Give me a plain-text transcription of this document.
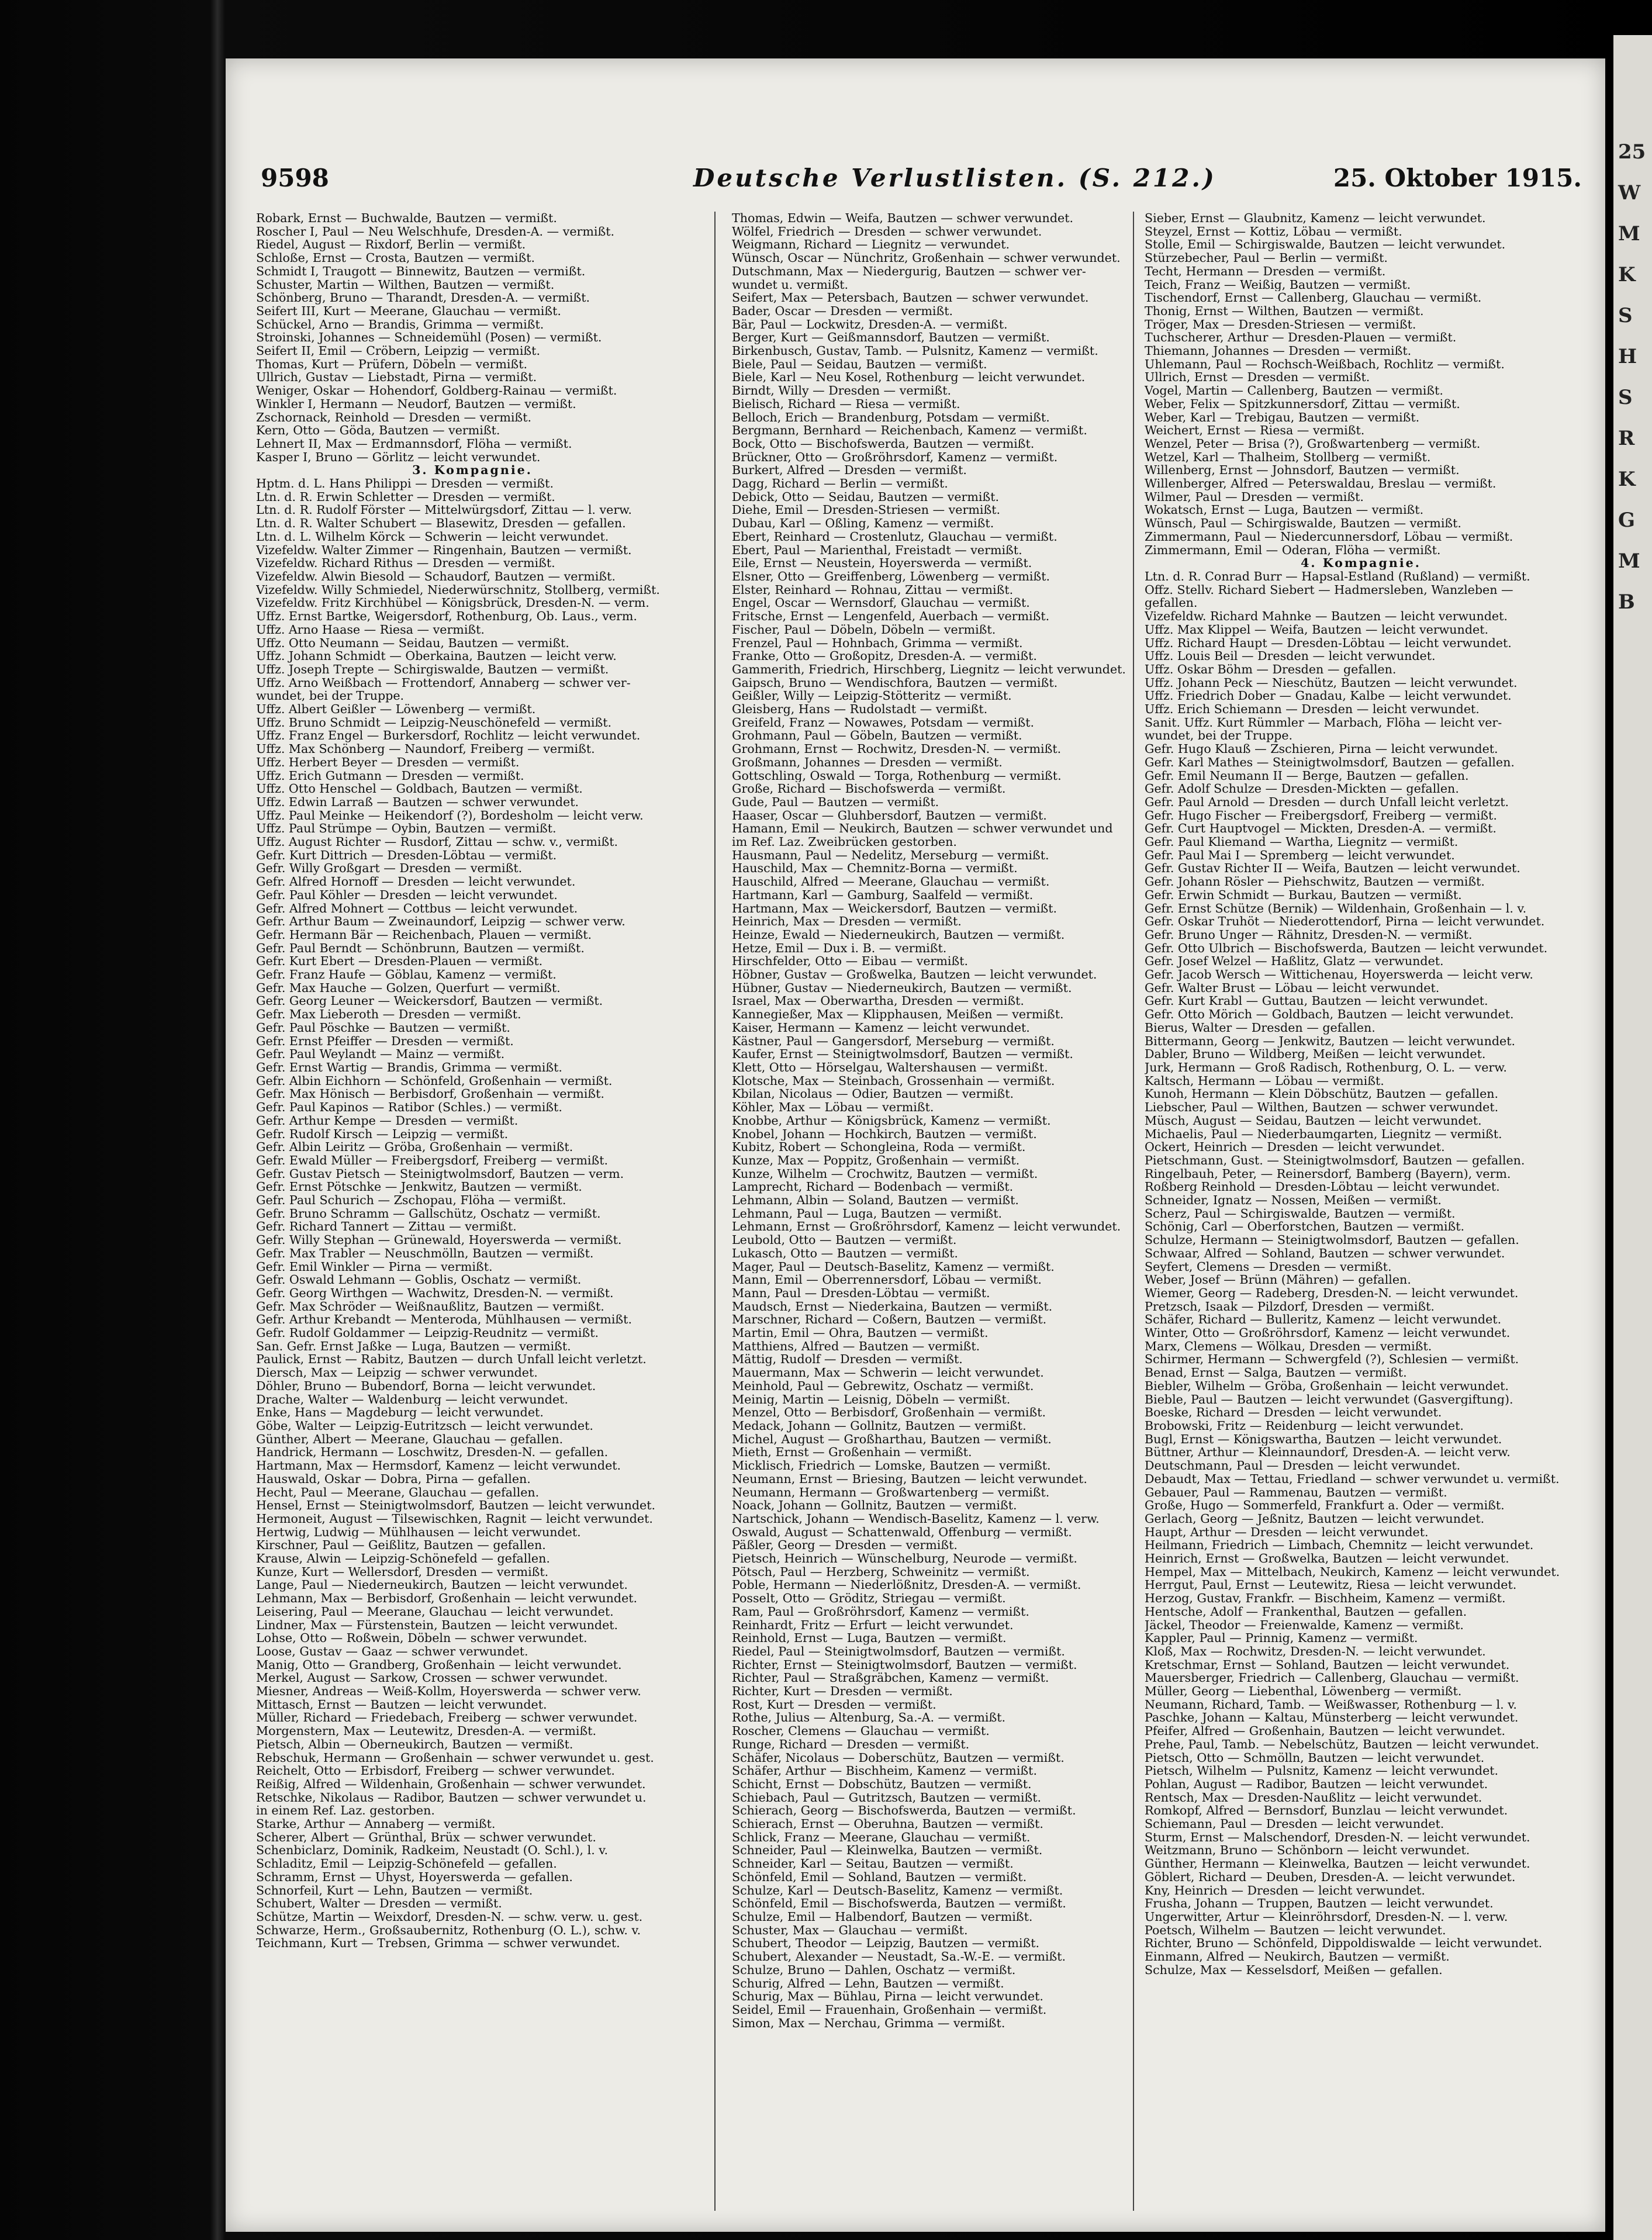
9598	Deutsche Verlustlisten. (S. 212.)	25. Oktober 1915.
Robark, Ernst — Buchwalde, Bautzen — vermißt.
Roscher I, Paul — Neu Welschhufe, Dresden-A. — vermißt.
Riedel, August — Rixdorf, Berlin — vermißt.
Schloße, Ernst — Crosta, Bautzen — vermißt.
Schmidt I, Traugott — Binnewitz, Bautzen — vermißt.
Schuster, Martin — Wilthen, Bautzen — vermißt.
Schönberg, Bruno — Tharandt, Dresden-A. — vermißt.
Seifert III, Kurt — Meerane, Glauchau — vermißt.
Schückel, Arno — Brandis, Grimma — vermißt.
Stroinski, Johannes — Schneidemühl (Posen) — vermißt.
Seifert II, Emil — Cröbern, Leipzig — vermißt.
Thomas, Kurt — Prüfern, Döbeln — vermißt.
Ullrich, Gustav — Liebstadt, Pirna — vermißt.
Weniger, Oskar — Hohendorf, Goldberg-Rainau — vermißt.
Winkler I, Hermann — Neudorf, Bautzen — vermißt.
Zschornack, Reinhold — Dresden — vermißt.
Kern, Otto — Göda, Bautzen — vermißt.
Lehnert II, Max — Erdmannsdorf, Flöha — vermißt.
Kasper I, Bruno — Görlitz — leicht verwundet.
3. Kompagnie.
Hptm. d. L. Hans Philippi — Dresden — vermißt.
Ltn. d. R. Erwin Schletter — Dresden — vermißt.
Ltn. d. R. Rudolf Förster — Mittelwürgsdorf, Zittau — l. verw.
Ltn. d. R. Walter Schubert — Blasewitz, Dresden — gefallen.
Ltn. d. L. Wilhelm Körck — Schwerin — leicht verwundet.
Vizefeldw. Walter Zimmer — Ringenhain, Bautzen — vermißt.
Vizefeldw. Richard Rithus — Dresden — vermißt.
Vizefeldw. Alwin Biesold — Schaudorf, Bautzen — vermißt.
Vizefeldw. Willy Schmiedel, Niederwürschnitz, Stollberg, vermißt.
Vizefeldw. Fritz Kirchhübel — Königsbrück, Dresden-N. — verm.
Uffz. Ernst Bartke, Weigersdorf, Rothenburg, Ob. Laus., verm.
Uffz. Arno Haase — Riesa — vermißt.
Uffz. Otto Neumann — Seidau, Bautzen — vermißt.
Uffz. Johann Schmidt — Oberkaina, Bautzen — leicht verw.
Uffz. Joseph Trepte — Schirgiswalde, Bautzen — vermißt.
Uffz. Arno Weißbach — Frottendorf, Annaberg — schwer ver-
wundet, bei der Truppe.
Uffz. Albert Geißler — Löwenberg — vermißt.
Uffz. Bruno Schmidt — Leipzig-Neuschönefeld — vermißt.
Uffz. Franz Engel — Burkersdorf, Rochlitz — leicht verwundet.
Uffz. Max Schönberg — Naundorf, Freiberg — vermißt.
Uffz. Herbert Beyer — Dresden — vermißt.
Uffz. Erich Gutmann — Dresden — vermißt.
Uffz. Otto Henschel — Goldbach, Bautzen — vermißt.
Uffz. Edwin Larraß — Bautzen — schwer verwundet.
Uffz. Paul Meinke — Heikendorf (?), Bordesholm — leicht verw.
Uffz. Paul Strümpe — Oybin, Bautzen — vermißt.
Uffz. August Richter — Rusdorf, Zittau — schw. v., vermißt.
Gefr. Kurt Dittrich — Dresden-Löbtau — vermißt.
Gefr. Willy Großgart — Dresden — vermißt.
Gefr. Alfred Hornoff — Dresden — leicht verwundet.
Gefr. Paul Köhler — Dresden — leicht verwundet.
Gefr. Alfred Mohnert — Cottbus — leicht verwundet.
Gefr. Arthur Baum — Zweinaundorf, Leipzig — schwer verw.
Gefr. Hermann Bär — Reichenbach, Plauen — vermißt.
Gefr. Paul Berndt — Schönbrunn, Bautzen — vermißt.
Gefr. Kurt Ebert — Dresden-Plauen — vermißt.
Gefr. Franz Haufe — Göblau, Kamenz — vermißt.
Gefr. Max Hauche — Golzen, Querfurt — vermißt.
Gefr. Georg Leuner — Weickersdorf, Bautzen — vermißt.
Gefr. Max Lieberoth — Dresden — vermißt.
Gefr. Paul Pöschke — Bautzen — vermißt.
Gefr. Ernst Pfeiffer — Dresden — vermißt.
Gefr. Paul Weylandt — Mainz — vermißt.
Gefr. Ernst Wartig — Brandis, Grimma — vermißt.
Gefr. Albin Eichhorn — Schönfeld, Großenhain — vermißt.
Gefr. Max Hönisch — Berbisdorf, Großenhain — vermißt.
Gefr. Paul Kapinos — Ratibor (Schles.) — vermißt.
Gefr. Arthur Kempe — Dresden — vermißt.
Gefr. Rudolf Kirsch — Leipzig — vermißt.
Gefr. Albin Leiritz — Gröba, Großenhain — vermißt.
Gefr. Ewald Müller — Freibergsdorf, Freiberg — vermißt.
Gefr. Gustav Pietsch — Steinigtwolmsdorf, Bautzen — verm.
Gefr. Ernst Pötschke — Jenkwitz, Bautzen — vermißt.
Gefr. Paul Schurich — Zschopau, Flöha — vermißt.
Gefr. Bruno Schramm — Gallschütz, Oschatz — vermißt.
Gefr. Richard Tannert — Zittau — vermißt.
Gefr. Willy Stephan — Grünewald, Hoyerswerda — vermißt.
Gefr. Max Trabler — Neuschmölln, Bautzen — vermißt.
Gefr. Emil Winkler — Pirna — vermißt.
Gefr. Oswald Lehmann — Goblis, Oschatz — vermißt.
Gefr. Georg Wirthgen — Wachwitz, Dresden-N. — vermißt.
Gefr. Max Schröder — Weißnaußlitz, Bautzen — vermißt.
Gefr. Arthur Krebandt — Menteroda, Mühlhausen — vermißt.
Gefr. Rudolf Goldammer — Leipzig-Reudnitz — vermißt.
San. Gefr. Ernst Jaßke — Luga, Bautzen — vermißt.
Paulick, Ernst — Rabitz, Bautzen — durch Unfall leicht verletzt.
Diersch, Max — Leipzig — schwer verwundet.
Döhler, Bruno — Bubendorf, Borna — leicht verwundet.
Drache, Walter — Waldenburg — leicht verwundet.
Enke, Hans — Magdeburg — leicht verwundet.
Göbe, Walter — Leipzig-Eutritzsch — leicht verwundet.
Günther, Albert — Meerane, Glauchau — gefallen.
Handrick, Hermann — Loschwitz, Dresden-N. — gefallen.
Hartmann, Max — Hermsdorf, Kamenz — leicht verwundet.
Hauswald, Oskar — Dobra, Pirna — gefallen.
Hecht, Paul — Meerane, Glauchau — gefallen.
Hensel, Ernst — Steinigtwolmsdorf, Bautzen — leicht verwundet.
Hermoneit, August — Tilsewischken, Ragnit — leicht verwundet.
Hertwig, Ludwig — Mühlhausen — leicht verwundet.
Kirschner, Paul — Geißlitz, Bautzen — gefallen.
Krause, Alwin — Leipzig-Schönefeld — gefallen.
Kunze, Kurt — Wellersdorf, Dresden — vermißt.
Lange, Paul — Niederneukirch, Bautzen — leicht verwundet.
Lehmann, Max — Berbisdorf, Großenhain — leicht verwundet.
Leisering, Paul — Meerane, Glauchau — leicht verwundet.
Lindner, Max — Fürstenstein, Bautzen — leicht verwundet.
Lohse, Otto — Roßwein, Döbeln — schwer verwundet.
Loose, Gustav — Gaaz — schwer verwundet.
Manig, Otto — Grandberg, Großenhain — leicht verwundet.
Merkel, August — Sarkow, Crossen — schwer verwundet.
Miesner, Andreas — Weiß-Kollm, Hoyerswerda — schwer verw.
Mittasch, Ernst — Bautzen — leicht verwundet.
Müller, Richard — Friedebach, Freiberg — schwer verwundet.
Morgenstern, Max — Leutewitz, Dresden-A. — vermißt.
Pietsch, Albin — Oberneukirch, Bautzen — vermißt.
Rebschuk, Hermann — Großenhain — schwer verwundet u. gest.
Reichelt, Otto — Erbisdorf, Freiberg — schwer verwundet.
Reißig, Alfred — Wildenhain, Großenhain — schwer verwundet.
Retschke, Nikolaus — Radibor, Bautzen — schwer verwundet u.
in einem Ref. Laz. gestorben.
Starke, Arthur — Annaberg — vermißt.
Scherer, Albert — Grünthal, Brüx — schwer verwundet.
Schenbiclarz, Dominik, Radkeim, Neustadt (O. Schl.), l. v.
Schladitz, Emil — Leipzig-Schönefeld — gefallen.
Schramm, Ernst — Uhyst, Hoyerswerda — gefallen.
Schnorfeil, Kurt — Lehn, Bautzen — vermißt.
Schubert, Walter — Dresden — vermißt.
Schütze, Martin — Weixdorf, Dresden-N. — schw. verw. u. gest.
Schwarze, Herm., Großsaubernitz, Rothenburg (O. L.), schw. v.
Teichmann, Kurt — Trebsen, Grimma — schwer verwundet.
Thomas, Edwin — Weifa, Bautzen — schwer verwundet.
Wölfel, Friedrich — Dresden — schwer verwundet.
Weigmann, Richard — Liegnitz — verwundet.
Wünsch, Oscar — Nünchritz, Großenhain — schwer verwundet.
Dutschmann, Max — Niedergurig, Bautzen — schwer ver-
wundet u. vermißt.
Seifert, Max — Petersbach, Bautzen — schwer verwundet.
Bader, Oscar — Dresden — vermißt.
Bär, Paul — Lockwitz, Dresden-A. — vermißt.
Berger, Kurt — Geißmannsdorf, Bautzen — vermißt.
Birkenbusch, Gustav, Tamb. — Pulsnitz, Kamenz — vermißt.
Biele, Paul — Seidau, Bautzen — vermißt.
Biele, Karl — Neu Kosel, Rothenburg — leicht verwundet.
Birndt, Willy — Dresden — vermißt.
Bielisch, Richard — Riesa — vermißt.
Belloch, Erich — Brandenburg, Potsdam — vermißt.
Bergmann, Bernhard — Reichenbach, Kamenz — vermißt.
Bock, Otto — Bischofswerda, Bautzen — vermißt.
Brückner, Otto — Großröhrsdorf, Kamenz — vermißt.
Burkert, Alfred — Dresden — vermißt.
Dagg, Richard — Berlin — vermißt.
Debick, Otto — Seidau, Bautzen — vermißt.
Diehe, Emil — Dresden-Striesen — vermißt.
Dubau, Karl — Oßling, Kamenz — vermißt.
Ebert, Reinhard — Crostenlutz, Glauchau — vermißt.
Ebert, Paul — Marienthal, Freistadt — vermißt.
Eile, Ernst — Neustein, Hoyerswerda — vermißt.
Elsner, Otto — Greiffenberg, Löwenberg — vermißt.
Elster, Reinhard — Rohnau, Zittau — vermißt.
Engel, Oscar — Wernsdorf, Glauchau — vermißt.
Fritsche, Ernst — Lengenfeld, Auerbach — vermißt.
Fischer, Paul — Döbeln, Döbeln — vermißt.
Frenzel, Paul — Hohnbach, Grimma — vermißt.
Franke, Otto — Großopitz, Dresden-A. — vermißt.
Gammerith, Friedrich, Hirschberg, Liegnitz — leicht verwundet.
Gaipsch, Bruno — Wendischfora, Bautzen — vermißt.
Geißler, Willy — Leipzig-Stötteritz — vermißt.
Gleisberg, Hans — Rudolstadt — vermißt.
Greifeld, Franz — Nowawes, Potsdam — vermißt.
Grohmann, Paul — Göbeln, Bautzen — vermißt.
Grohmann, Ernst — Rochwitz, Dresden-N. — vermißt.
Großmann, Johannes — Dresden — vermißt.
Gottschling, Oswald — Torga, Rothenburg — vermißt.
Große, Richard — Bischofswerda — vermißt.
Gude, Paul — Bautzen — vermißt.
Haaser, Oscar — Gluhbersdorf, Bautzen — vermißt.
Hamann, Emil — Neukirch, Bautzen — schwer verwundet und
im Ref. Laz. Zweibrücken gestorben.
Hausmann, Paul — Nedelitz, Merseburg — vermißt.
Hauschild, Max — Chemnitz-Borna — vermißt.
Hauschild, Alfred — Meerane, Glauchau — vermißt.
Hartmann, Karl — Gamburg, Saalfeld — vermißt.
Hartmann, Max — Weickersdorf, Bautzen — vermißt.
Heinrich, Max — Dresden — vermißt.
Heinze, Ewald — Niederneukirch, Bautzen — vermißt.
Hetze, Emil — Dux i. B. — vermißt.
Hirschfelder, Otto — Eibau — vermißt.
Höbner, Gustav — Großwelka, Bautzen — leicht verwundet.
Hübner, Gustav — Niederneukirch, Bautzen — vermißt.
Israel, Max — Oberwartha, Dresden — vermißt.
Kannegießer, Max — Klipphausen, Meißen — vermißt.
Kaiser, Hermann — Kamenz — leicht verwundet.
Kästner, Paul — Gangersdorf, Merseburg — vermißt.
Kaufer, Ernst — Steinigtwolmsdorf, Bautzen — vermißt.
Klett, Otto — Hörselgau, Waltershausen — vermißt.
Klotsche, Max — Steinbach, Grossenhain — vermißt.
Kbilan, Nicolaus — Odier, Bautzen — vermißt.
Köhler, Max — Löbau — vermißt.
Knobbe, Arthur — Königsbrück, Kamenz — vermißt.
Knobel, Johann — Hochkirch, Bautzen — vermißt.
Kubitz, Robert — Schongleina, Roda — vermißt.
Kunze, Max — Poppitz, Großenhain — vermißt.
Kunze, Wilhelm — Crochwitz, Bautzen — vermißt.
Lamprecht, Richard — Bodenbach — vermißt.
Lehmann, Albin — Soland, Bautzen — vermißt.
Lehmann, Paul — Luga, Bautzen — vermißt.
Lehmann, Ernst — Großröhrsdorf, Kamenz — leicht verwundet.
Leubold, Otto — Bautzen — vermißt.
Lukasch, Otto — Bautzen — vermißt.
Mager, Paul — Deutsch-Baselitz, Kamenz — vermißt.
Mann, Emil — Oberrennersdorf, Löbau — vermißt.
Mann, Paul — Dresden-Löbtau — vermißt.
Maudsch, Ernst — Niederkaina, Bautzen — vermißt.
Marschner, Richard — Coßern, Bautzen — vermißt.
Martin, Emil — Ohra, Bautzen — vermißt.
Matthiens, Alfred — Bautzen — vermißt.
Mättig, Rudolf — Dresden — vermißt.
Mauermann, Max — Schwerin — leicht verwundet.
Meinhold, Paul — Gebrewitz, Oschatz — vermißt.
Meinig, Martin — Leisnig, Döbeln — vermißt.
Menzel, Otto — Berbisdorf, Großenhain — vermißt.
Medack, Johann — Gollnitz, Bautzen — vermißt.
Michel, August — Großharthau, Bautzen — vermißt.
Mieth, Ernst — Großenhain — vermißt.
Micklisch, Friedrich — Lomske, Bautzen — vermißt.
Neumann, Ernst — Briesing, Bautzen — leicht verwundet.
Neumann, Hermann — Großwartenberg — vermißt.
Noack, Johann — Gollnitz, Bautzen — vermißt.
Nartschick, Johann — Wendisch-Baselitz, Kamenz — l. verw.
Oswald, August — Schattenwald, Offenburg — vermißt.
Päßler, Georg — Dresden — vermißt.
Pietsch, Heinrich — Wünschelburg, Neurode — vermißt.
Pötsch, Paul — Herzberg, Schweinitz — vermißt.
Poble, Hermann — Niederlößnitz, Dresden-A. — vermißt.
Posselt, Otto — Gröditz, Striegau — vermißt.
Ram, Paul — Großröhrsdorf, Kamenz — vermißt.
Reinhardt, Fritz — Erfurt — leicht verwundet.
Reinhold, Ernst — Luga, Bautzen — vermißt.
Riedel, Paul — Steinigtwolmsdorf, Bautzen — vermißt.
Richter, Ernst — Steinigtwolmsdorf, Bautzen — vermißt.
Richter, Paul — Straßgräbchen, Kamenz — vermißt.
Richter, Kurt — Dresden — vermißt.
Rost, Kurt — Dresden — vermißt.
Rothe, Julius — Altenburg, Sa.-A. — vermißt.
Roscher, Clemens — Glauchau — vermißt.
Runge, Richard — Dresden — vermißt.
Schäfer, Nicolaus — Doberschütz, Bautzen — vermißt.
Schäfer, Arthur — Bischheim, Kamenz — vermißt.
Schicht, Ernst — Dobschütz, Bautzen — vermißt.
Schiebach, Paul — Gutritzsch, Bautzen — vermißt.
Schierach, Georg — Bischofswerda, Bautzen — vermißt.
Schierach, Ernst — Oberuhna, Bautzen — vermißt.
Schlick, Franz — Meerane, Glauchau — vermißt.
Schneider, Paul — Kleinwelka, Bautzen — vermißt.
Schneider, Karl — Seitau, Bautzen — vermißt.
Schönfeld, Emil — Sohland, Bautzen — vermißt.
Schulze, Karl — Deutsch-Baselitz, Kamenz — vermißt.
Schönfeld, Emil — Bischofswerda, Bautzen — vermißt.
Schulze, Emil — Halbendorf, Bautzen — vermißt.
Schuster, Max — Glauchau — vermißt.
Schubert, Theodor — Leipzig, Bautzen — vermißt.
Schubert, Alexander — Neustadt, Sa.-W.-E. — vermißt.
Schulze, Bruno — Dahlen, Oschatz — vermißt.
Schurig, Alfred — Lehn, Bautzen — vermißt.
Schurig, Max — Bühlau, Pirna — leicht verwundet.
Seidel, Emil — Frauenhain, Großenhain — vermißt.
Simon, Max — Nerchau, Grimma — vermißt.
Sieber, Ernst — Glaubnitz, Kamenz — leicht verwundet.
Steyzel, Ernst — Kottiz, Löbau — vermißt.
Stolle, Emil — Schirgiswalde, Bautzen — leicht verwundet.
Stürzebecher, Paul — Berlin — vermißt.
Techt, Hermann — Dresden — vermißt.
Teich, Franz — Weißig, Bautzen — vermißt.
Tischendorf, Ernst — Callenberg, Glauchau — vermißt.
Thonig, Ernst — Wilthen, Bautzen — vermißt.
Tröger, Max — Dresden-Striesen — vermißt.
Tuchscherer, Arthur — Dresden-Plauen — vermißt.
Thiemann, Johannes — Dresden — vermißt.
Uhlemann, Paul — Rochsch-Weißbach, Rochlitz — vermißt.
Ullrich, Ernst — Dresden — vermißt.
Vogel, Martin — Callenberg, Bautzen — vermißt.
Weber, Felix — Spitzkunnersdorf, Zittau — vermißt.
Weber, Karl — Trebigau, Bautzen — vermißt.
Weichert, Ernst — Riesa — vermißt.
Wenzel, Peter — Brisa (?), Großwartenberg — vermißt.
Wetzel, Karl — Thalheim, Stollberg — vermißt.
Willenberg, Ernst — Johnsdorf, Bautzen — vermißt.
Willenberger, Alfred — Peterswaldau, Breslau — vermißt.
Wilmer, Paul — Dresden — vermißt.
Wokatsch, Ernst — Luga, Bautzen — vermißt.
Wünsch, Paul — Schirgiswalde, Bautzen — vermißt.
Zimmermann, Paul — Niedercunnersdorf, Löbau — vermißt.
Zimmermann, Emil — Oderan, Flöha — vermißt.
4. Kompagnie.
Ltn. d. R. Conrad Burr — Hapsal-Estland (Rußland) — vermißt.
Offz. Stellv. Richard Siebert — Hadmersleben, Wanzleben —
gefallen.
Vizefeldw. Richard Mahnke — Bautzen — leicht verwundet.
Uffz. Max Klippel — Weifa, Bautzen — leicht verwundet.
Uffz. Richard Haupt — Dresden-Löbtau — leicht verwundet.
Uffz. Louis Beil — Dresden — leicht verwundet.
Uffz. Oskar Böhm — Dresden — gefallen.
Uffz. Johann Peck — Nieschütz, Bautzen — leicht verwundet.
Uffz. Friedrich Dober — Gnadau, Kalbe — leicht verwundet.
Uffz. Erich Schiemann — Dresden — leicht verwundet.
Sanit. Uffz. Kurt Rümmler — Marbach, Flöha — leicht ver-
wundet, bei der Truppe.
Gefr. Hugo Klauß — Zschieren, Pirna — leicht verwundet.
Gefr. Karl Mathes — Steinigtwolmsdorf, Bautzen — gefallen.
Gefr. Emil Neumann II — Berge, Bautzen — gefallen.
Gefr. Adolf Schulze — Dresden-Mickten — gefallen.
Gefr. Paul Arnold — Dresden — durch Unfall leicht verletzt.
Gefr. Hugo Fischer — Freibergsdorf, Freiberg — vermißt.
Gefr. Curt Hauptvogel — Mickten, Dresden-A. — vermißt.
Gefr. Paul Kliemand — Wartha, Liegnitz — vermißt.
Gefr. Paul Mai I — Spremberg — leicht verwundet.
Gefr. Gustav Richter II — Weifa, Bautzen — leicht verwundet.
Gefr. Johann Rösler — Piehschwitz, Bautzen — vermißt.
Gefr. Erwin Schmidt — Burkau, Bautzen — vermißt.
Gefr. Ernst Schütze (Bernik) — Wildenhain, Großenhain — l. v.
Gefr. Oskar Truhöt — Niederottendorf, Pirna — leicht verwundet.
Gefr. Bruno Unger — Rähnitz, Dresden-N. — vermißt.
Gefr. Otto Ulbrich — Bischofswerda, Bautzen — leicht verwundet.
Gefr. Josef Welzel — Haßlitz, Glatz — verwundet.
Gefr. Jacob Wersch — Wittichenau, Hoyerswerda — leicht verw.
Gefr. Walter Brust — Löbau — leicht verwundet.
Gefr. Kurt Krabl — Guttau, Bautzen — leicht verwundet.
Gefr. Otto Mörich — Goldbach, Bautzen — leicht verwundet.
Bierus, Walter — Dresden — gefallen.
Bittermann, Georg — Jenkwitz, Bautzen — leicht verwundet.
Dabler, Bruno — Wildberg, Meißen — leicht verwundet.
Jurk, Hermann — Groß Radisch, Rothenburg, O. L. — verw.
Kaltsch, Hermann — Löbau — vermißt.
Kunoh, Hermann — Klein Döbschütz, Bautzen — gefallen.
Liebscher, Paul — Wilthen, Bautzen — schwer verwundet.
Müsch, August — Seidau, Bautzen — leicht verwundet.
Michaelis, Paul — Niederbaumgarten, Liegnitz — vermißt.
Ockert, Heinrich — Dresden — leicht verwundet.
Pietschmann, Gust. — Steinigtwolmsdorf, Bautzen — gefallen.
Ringelbauh, Peter, — Reinersdorf, Bamberg (Bayern), verm.
Roßberg Reinhold — Dresden-Löbtau — leicht verwundet.
Schneider, Ignatz — Nossen, Meißen — vermißt.
Scherz, Paul — Schirgiswalde, Bautzen — vermißt.
Schönig, Carl — Oberforstchen, Bautzen — vermißt.
Schulze, Hermann — Steinigtwolmsdorf, Bautzen — gefallen.
Schwaar, Alfred — Sohland, Bautzen — schwer verwundet.
Seyfert, Clemens — Dresden — vermißt.
Weber, Josef — Brünn (Mähren) — gefallen.
Wiemer, Georg — Radeberg, Dresden-N. — leicht verwundet.
Pretzsch, Isaak — Pilzdorf, Dresden — vermißt.
Schäfer, Richard — Bulleritz, Kamenz — leicht verwundet.
Winter, Otto — Großröhrsdorf, Kamenz — leicht verwundet.
Marx, Clemens — Wölkau, Dresden — vermißt.
Schirmer, Hermann — Schwergfeld (?), Schlesien — vermißt.
Benad, Ernst — Salga, Bautzen — vermißt.
Biebler, Wilhelm — Gröba, Großenhain — leicht verwundet.
Bieble, Paul — Bautzen — leicht verwundet (Gasvergiftung).
Boeske, Richard — Dresden — leicht verwundet.
Brobowski, Fritz — Reidenburg — leicht verwundet.
Bugl, Ernst — Königswartha, Bautzen — leicht verwundet.
Büttner, Arthur — Kleinnaundorf, Dresden-A. — leicht verw.
Deutschmann, Paul — Dresden — leicht verwundet.
Debaudt, Max — Tettau, Friedland — schwer verwundet u. vermißt.
Gebauer, Paul — Rammenau, Bautzen — vermißt.
Große, Hugo — Sommerfeld, Frankfurt a. Oder — vermißt.
Gerlach, Georg — Jeßnitz, Bautzen — leicht verwundet.
Haupt, Arthur — Dresden — leicht verwundet.
Heilmann, Friedrich — Limbach, Chemnitz — leicht verwundet.
Heinrich, Ernst — Großwelka, Bautzen — leicht verwundet.
Hempel, Max — Mittelbach, Neukirch, Kamenz — leicht verwundet.
Herrgut, Paul, Ernst — Leutewitz, Riesa — leicht verwundet.
Herzog, Gustav, Frankfr. — Bischheim, Kamenz — vermißt.
Hentsche, Adolf — Frankenthal, Bautzen — gefallen.
Jäckel, Theodor — Freienwalde, Kamenz — vermißt.
Kappler, Paul — Prinnig, Kamenz — vermißt.
Kloß, Max — Rochwitz, Dresden-N. — leicht verwundet.
Kretschmar, Ernst — Sohland, Bautzen — leicht verwundet.
Mauersberger, Friedrich — Callenberg, Glauchau — vermißt.
Müller, Georg — Liebenthal, Löwenberg — vermißt.
Neumann, Richard, Tamb. — Weißwasser, Rothenburg — l. v.
Paschke, Johann — Kaltau, Münsterberg — leicht verwundet.
Pfeifer, Alfred — Großenhain, Bautzen — leicht verwundet.
Prehe, Paul, Tamb. — Nebelschütz, Bautzen — leicht verwundet.
Pietsch, Otto — Schmölln, Bautzen — leicht verwundet.
Pietsch, Wilhelm — Pulsnitz, Kamenz — leicht verwundet.
Pohlan, August — Radibor, Bautzen — leicht verwundet.
Rentsch, Max — Dresden-Naußlitz — leicht verwundet.
Romkopf, Alfred — Bernsdorf, Bunzlau — leicht verwundet.
Schiemann, Paul — Dresden — leicht verwundet.
Sturm, Ernst — Malschendorf, Dresden-N. — leicht verwundet.
Weitzmann, Bruno — Schönborn — leicht verwundet.
Günther, Hermann — Kleinwelka, Bautzen — leicht verwundet.
Göblert, Richard — Deuben, Dresden-A. — leicht verwundet.
Kny, Heinrich — Dresden — leicht verwundet.
Frusha, Johann — Truppen, Bautzen — leicht verwundet.
Ungerwitter, Artur — Kleinröhrsdorf, Dresden-N. — l. verw.
Poetsch, Wilhelm — Bautzen — leicht verwundet.
Richter, Bruno — Schönfeld, Dippoldiswalde — leicht verwundet.
Einmann, Alfred — Neukirch, Bautzen — vermißt.
Schulze, Max — Kesselsdorf, Meißen — gefallen.
25
W
M
K
S
H
S
R
K
G
M
B
